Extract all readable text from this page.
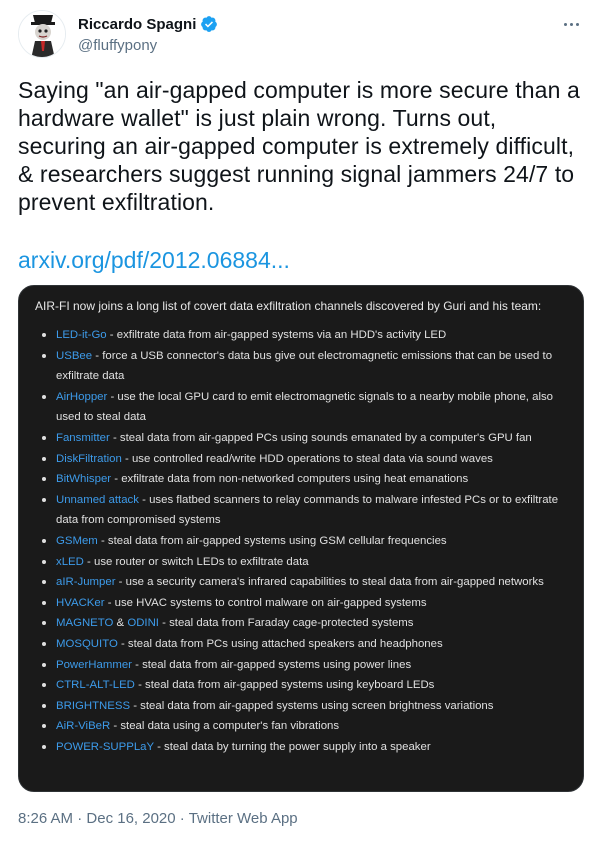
Riccardo Spagni
@fluffypony
Saying "an air-gapped computer is more secure than a hardware wallet" is just plain wrong. Turns out, securing an air-gapped computer is extremely difficult, & researchers suggest running signal jammers 24/7 to prevent exfiltration.
arxiv.org/pdf/2012.06884...

AIR-FI now joins a long list of covert data exfiltration channels discovered by Guri and his team:

LED-it-Go - exfiltrate data from air-gapped systems via an HDD's activity LED
USBee - force a USB connector's data bus give out electromagnetic emissions that can be used to exfiltrate data
AirHopper - use the local GPU card to emit electromagnetic signals to a nearby mobile phone, also used to steal data
Fansmitter - steal data from air-gapped PCs using sounds emanated by a computer's GPU fan
DiskFiltration - use controlled read/write HDD operations to steal data via sound waves
BitWhisper - exfiltrate data from non-networked computers using heat emanations
Unnamed attack - uses flatbed scanners to relay commands to malware infested PCs or to exfiltrate data from compromised systems
GSMem - steal data from air-gapped systems using GSM cellular frequencies
xLED - use router or switch LEDs to exfiltrate data
aIR-Jumper - use a security camera's infrared capabilities to steal data from air-gapped networks
HVACKer - use HVAC systems to control malware on air-gapped systems
MAGNETO & ODINI - steal data from Faraday cage-protected systems
MOSQUITO - steal data from PCs using attached speakers and headphones
PowerHammer - steal data from air-gapped systems using power lines
CTRL-ALT-LED - steal data from air-gapped systems using keyboard LEDs
BRIGHTNESS - steal data from air-gapped systems using screen brightness variations
AiR-ViBeR - steal data using a computer's fan vibrations
POWER-SUPPLaY - steal data by turning the power supply into a speaker
8:26 AM · Dec 16, 2020 · Twitter Web App
